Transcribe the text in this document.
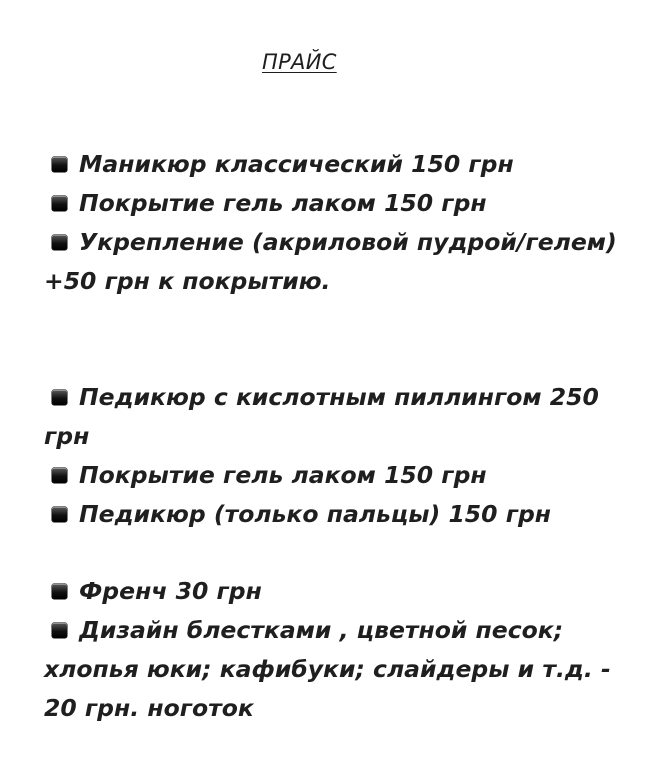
ПРАЙС
Маникюр классический 150 грн
Покрытие гель лаком 150 грн
Укрепление (акриловой пудрой/гелем)
+50 грн к покрытию.
Педикюр с кислотным пиллингом 250
грн
Покрытие гель лаком 150 грн
Педикюр (только пальцы) 150 грн
Френч 30 грн
Дизайн блестками , цветной песок;
хлопья юки; кафибуки; слайдеры и т.д. -
20 грн. ноготок
